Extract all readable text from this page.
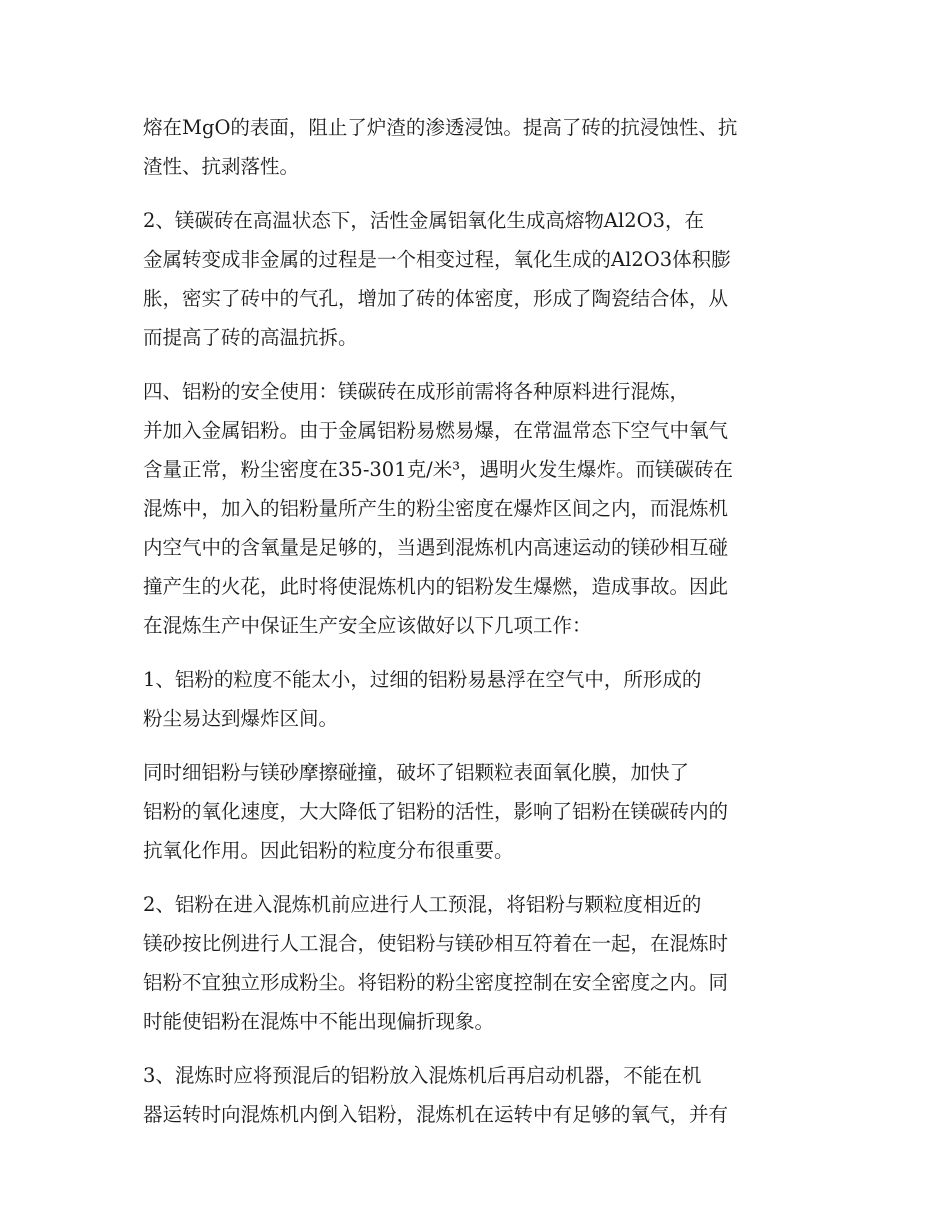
熔在MgO的表面，阻止了炉渣的渗透浸蚀。提高了砖的抗浸蚀性、抗
渣性、抗剥落性。

2、镁碳砖在高温状态下，活性金属铝氧化生成高熔物Al2O3，在
金属转变成非金属的过程是一个相变过程，氧化生成的Al2O3体积膨
胀，密实了砖中的气孔，增加了砖的体密度，形成了陶瓷结合体，从
而提高了砖的高温抗拆。

四、铝粉的安全使用：镁碳砖在成形前需将各种原料进行混炼，
并加入金属铝粉。由于金属铝粉易燃易爆，在常温常态下空气中氧气
含量正常，粉尘密度在35-301克/米³，遇明火发生爆炸。而镁碳砖在
混炼中，加入的铝粉量所产生的粉尘密度在爆炸区间之内，而混炼机
内空气中的含氧量是足够的，当遇到混炼机内高速运动的镁砂相互碰
撞产生的火花，此时将使混炼机内的铝粉发生爆燃，造成事故。因此
在混炼生产中保证生产安全应该做好以下几项工作：

1、铝粉的粒度不能太小，过细的铝粉易悬浮在空气中，所形成的
粉尘易达到爆炸区间。

同时细铝粉与镁砂摩擦碰撞，破坏了铝颗粒表面氧化膜，加快了
铝粉的氧化速度，大大降低了铝粉的活性，影响了铝粉在镁碳砖内的
抗氧化作用。因此铝粉的粒度分布很重要。

2、铝粉在进入混炼机前应进行人工预混，将铝粉与颗粒度相近的
镁砂按比例进行人工混合，使铝粉与镁砂相互符着在一起，在混炼时
铝粉不宜独立形成粉尘。将铝粉的粉尘密度控制在安全密度之内。同
时能使铝粉在混炼中不能出现偏折现象。

3、混炼时应将预混后的铝粉放入混炼机后再启动机器，不能在机
器运转时向混炼机内倒入铝粉，混炼机在运转中有足够的氧气，并有
